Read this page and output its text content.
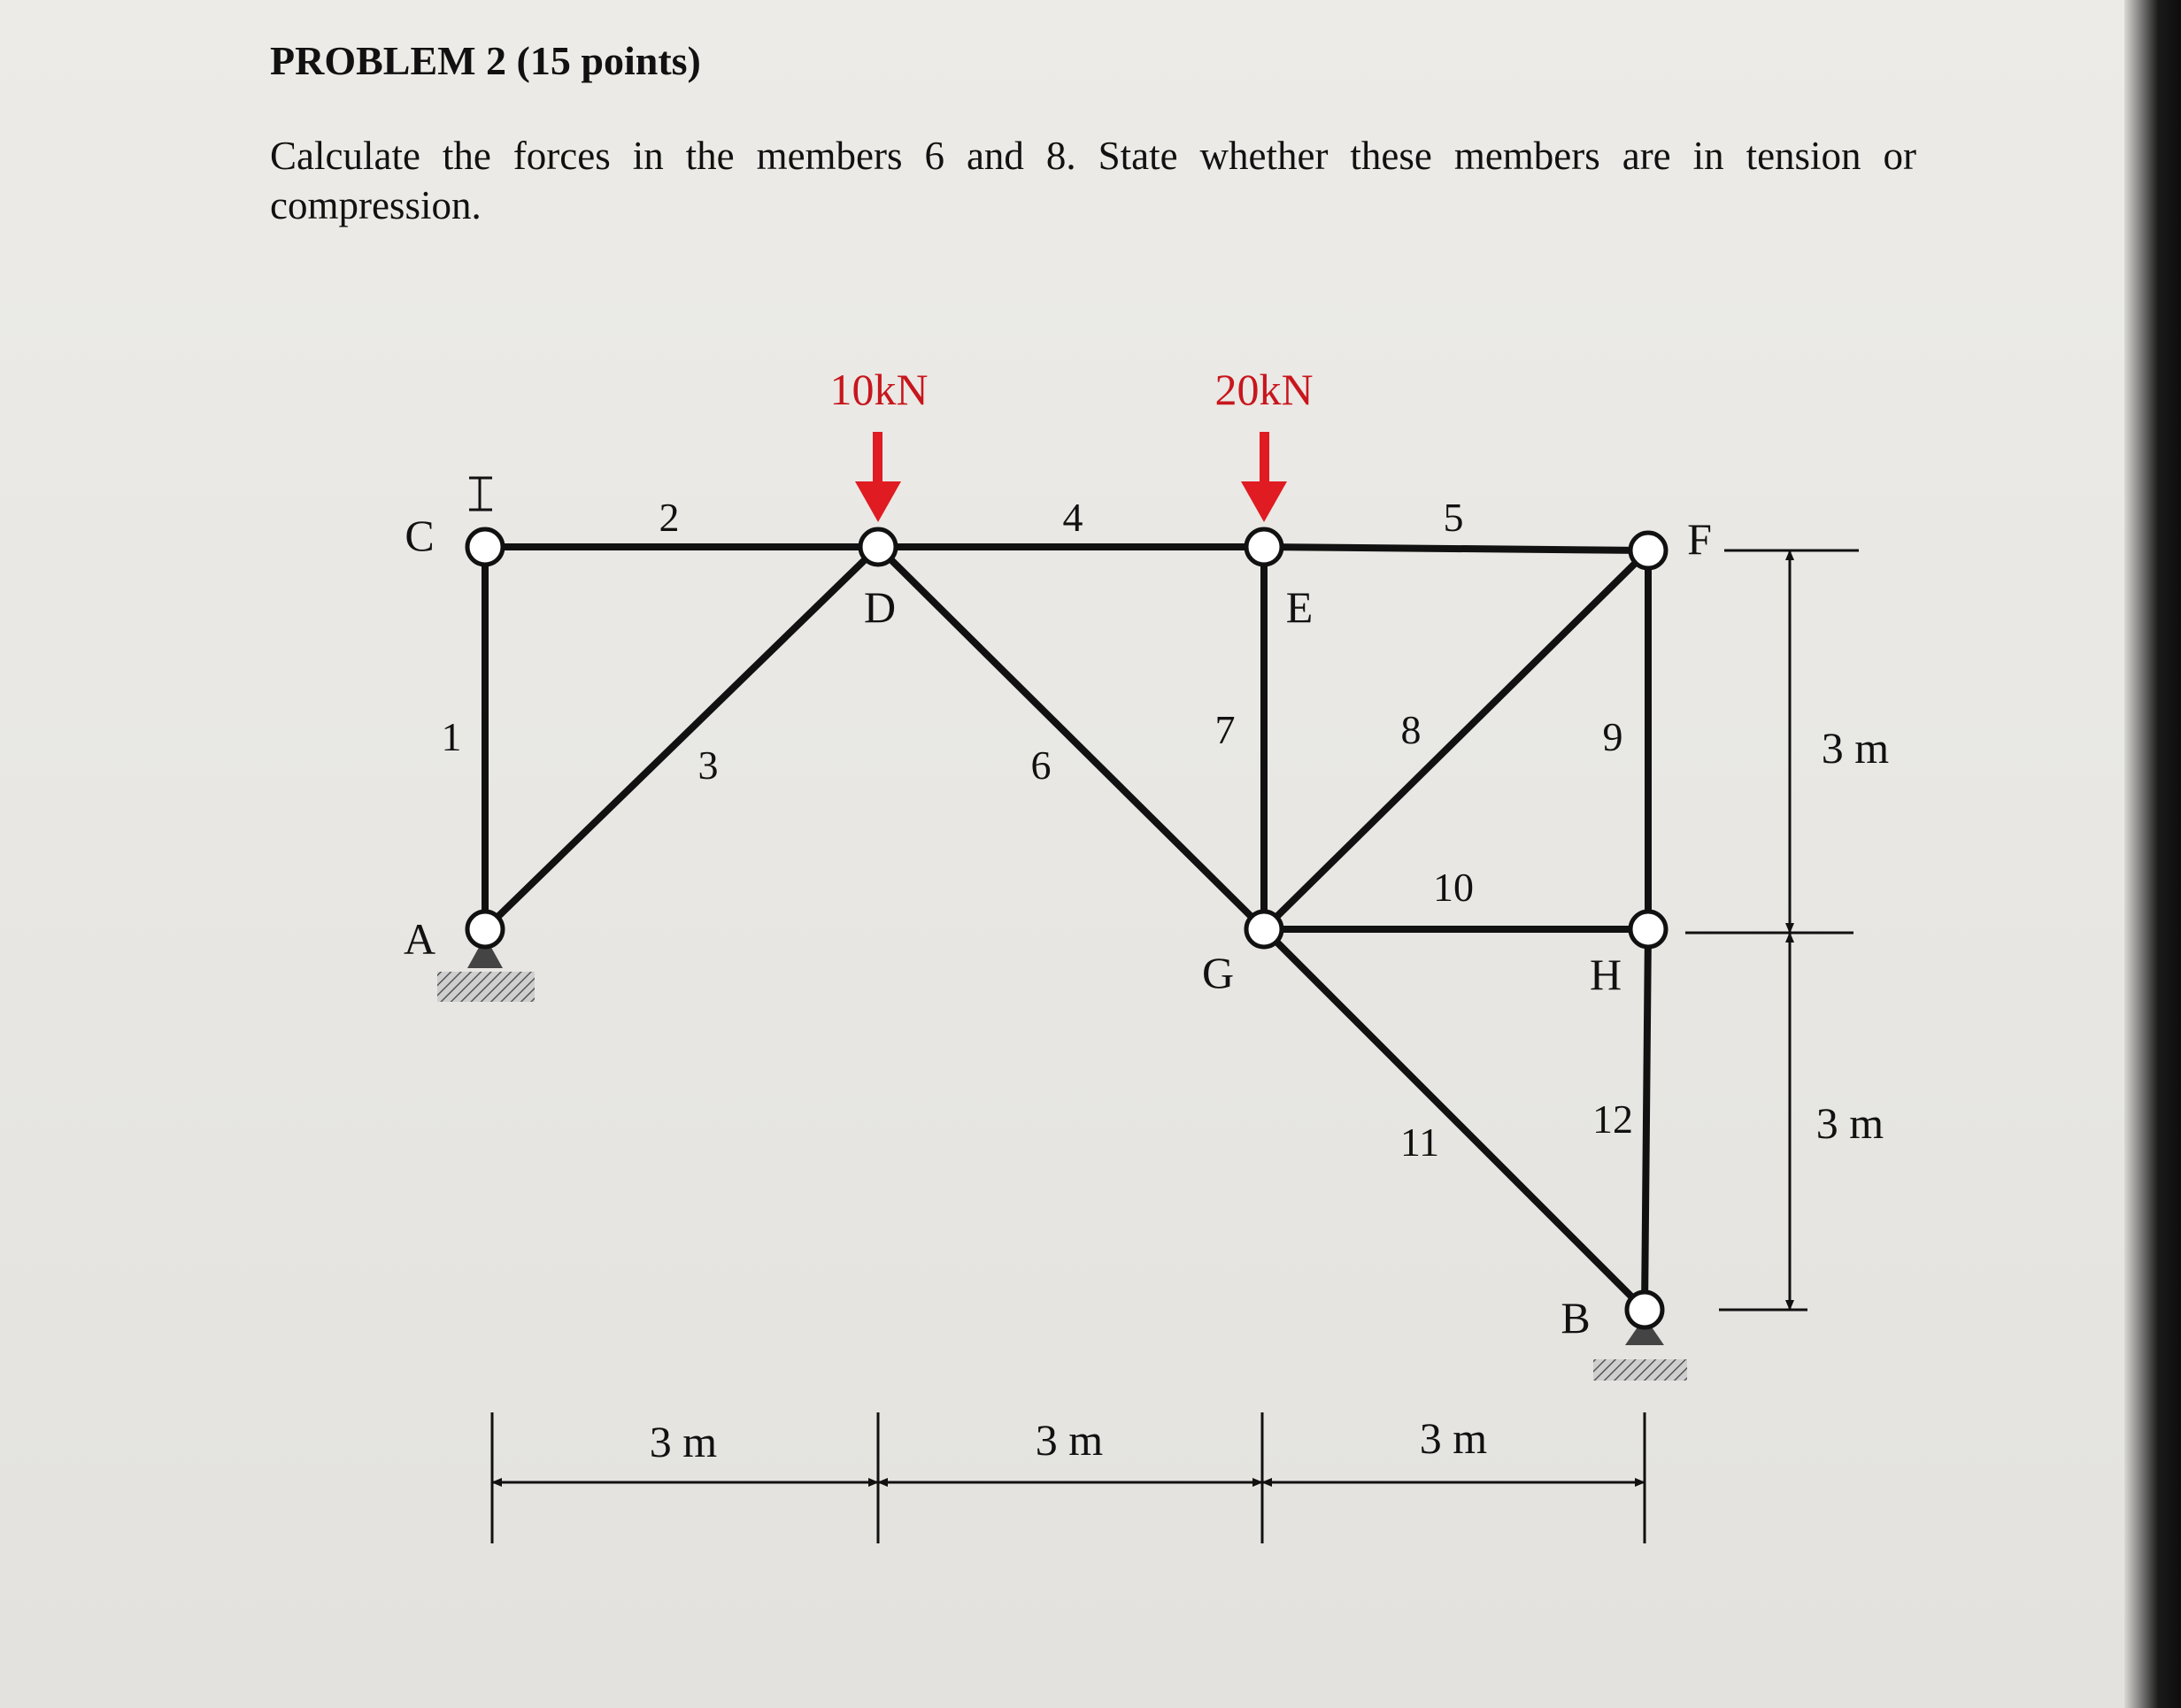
PROBLEM 2 (15 points)

Calculate the forces in the members 6 and 8. State whether these members are in tension or compression.

10kN	20kN
C
A
D	E
F
G	H
B
1
2
3
4	5
6
7	8	9
10
11
12
3 m	3 m	3 m
3 m
3 m
